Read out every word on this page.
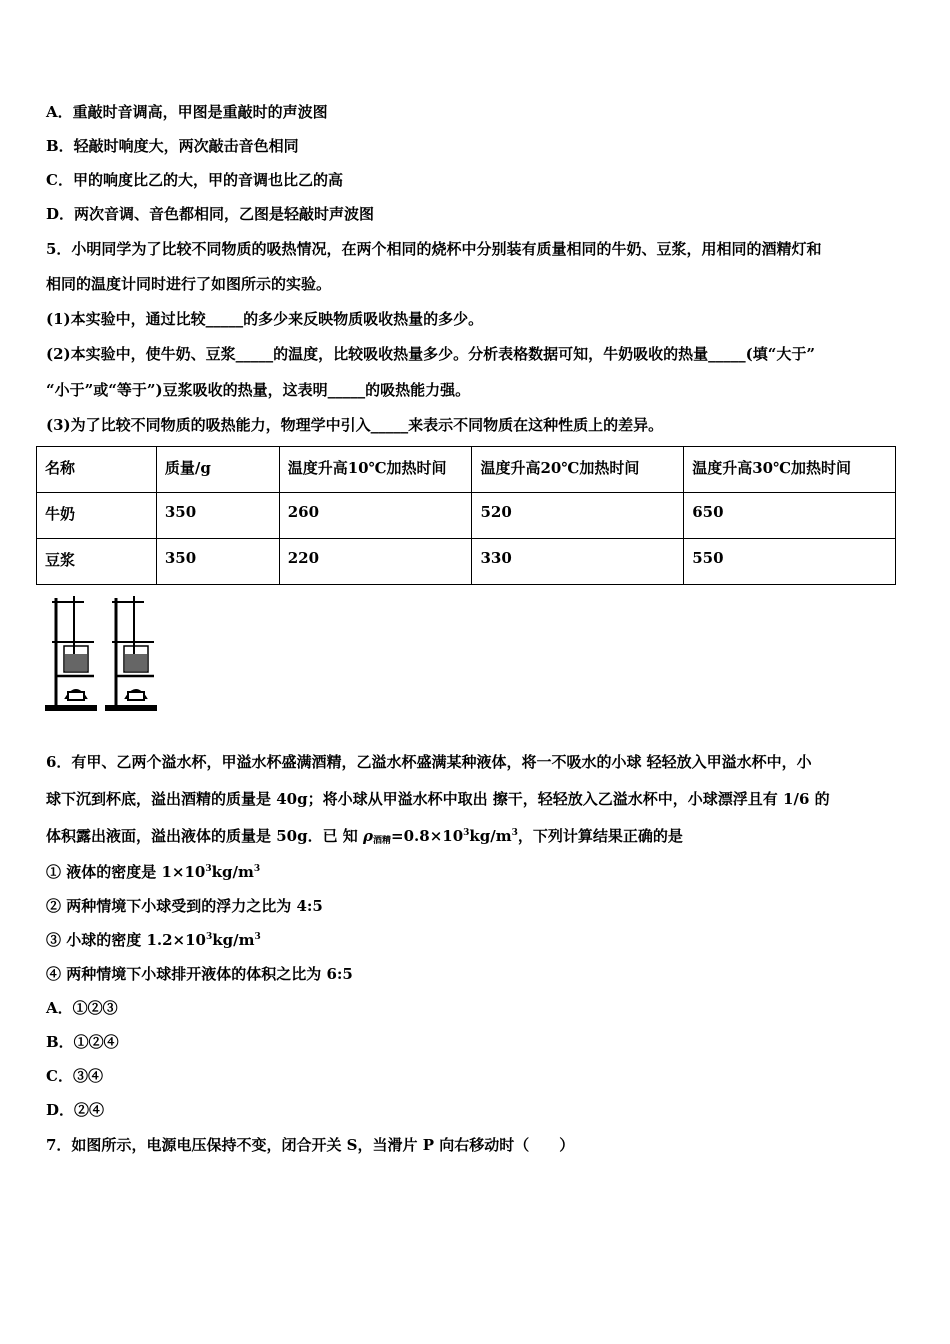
A．重敲时音调高，甲图是重敲时的声波图
B．轻敲时响度大，两次敲击音色相同
C．甲的响度比乙的大，甲的音调也比乙的高
D．两次音调、音色都相同，乙图是轻敲时声波图
5．小明同学为了比较不同物质的吸热情况，在两个相同的烧杯中分别装有质量相同的牛奶、豆浆，用相同的酒精灯和
相同的温度计同时进行了如图所示的实验。
(1)本实验中，通过比较_____的多少来反映物质吸收热量的多少。
(2)本实验中，使牛奶、豆浆_____的温度，比较吸收热量多少。分析表格数据可知，牛奶吸收的热量_____(填“大于”
“小于”或“等于”)豆浆吸收的热量，这表明_____的吸热能力强。
(3)为了比较不同物质的吸热能力，物理学中引入_____来表示不同物质在这种性质上的差异。
名称	质量/g	温度升高10℃加热时间	温度升高20℃加热时间	温度升高30℃加热时间
牛奶	350	260	520	650
豆浆	350	220	330	550
6．有甲、乙两个溢水杯，甲溢水杯盛满酒精，乙溢水杯盛满某种液体，将一不吸水的小球 轻轻放入甲溢水杯中，小
球下沉到杯底，溢出酒精的质量是 40g；将小球从甲溢水杯中取出 擦干，轻轻放入乙溢水杯中，小球漂浮且有 1/6 的
体积露出液面，溢出液体的质量是 50g．已 知 $\rho_{酒精}=0.8\times 10^3kg/m^3$，下列计算结果正确的是
① 液体的密度是 $1\times 10^3kg/m^3$
② 两种情境下小球受到的浮力之比为 4:5
③ 小球的密度 $1.2\times 10^3kg/m^3$
④ 两种情境下小球排开液体的体积之比为 6:5
A．①②③
B．①②④
C．③④
D．②④
7．如图所示，电源电压保持不变，闭合开关 S，当滑片 P 向右移动时（　　）
